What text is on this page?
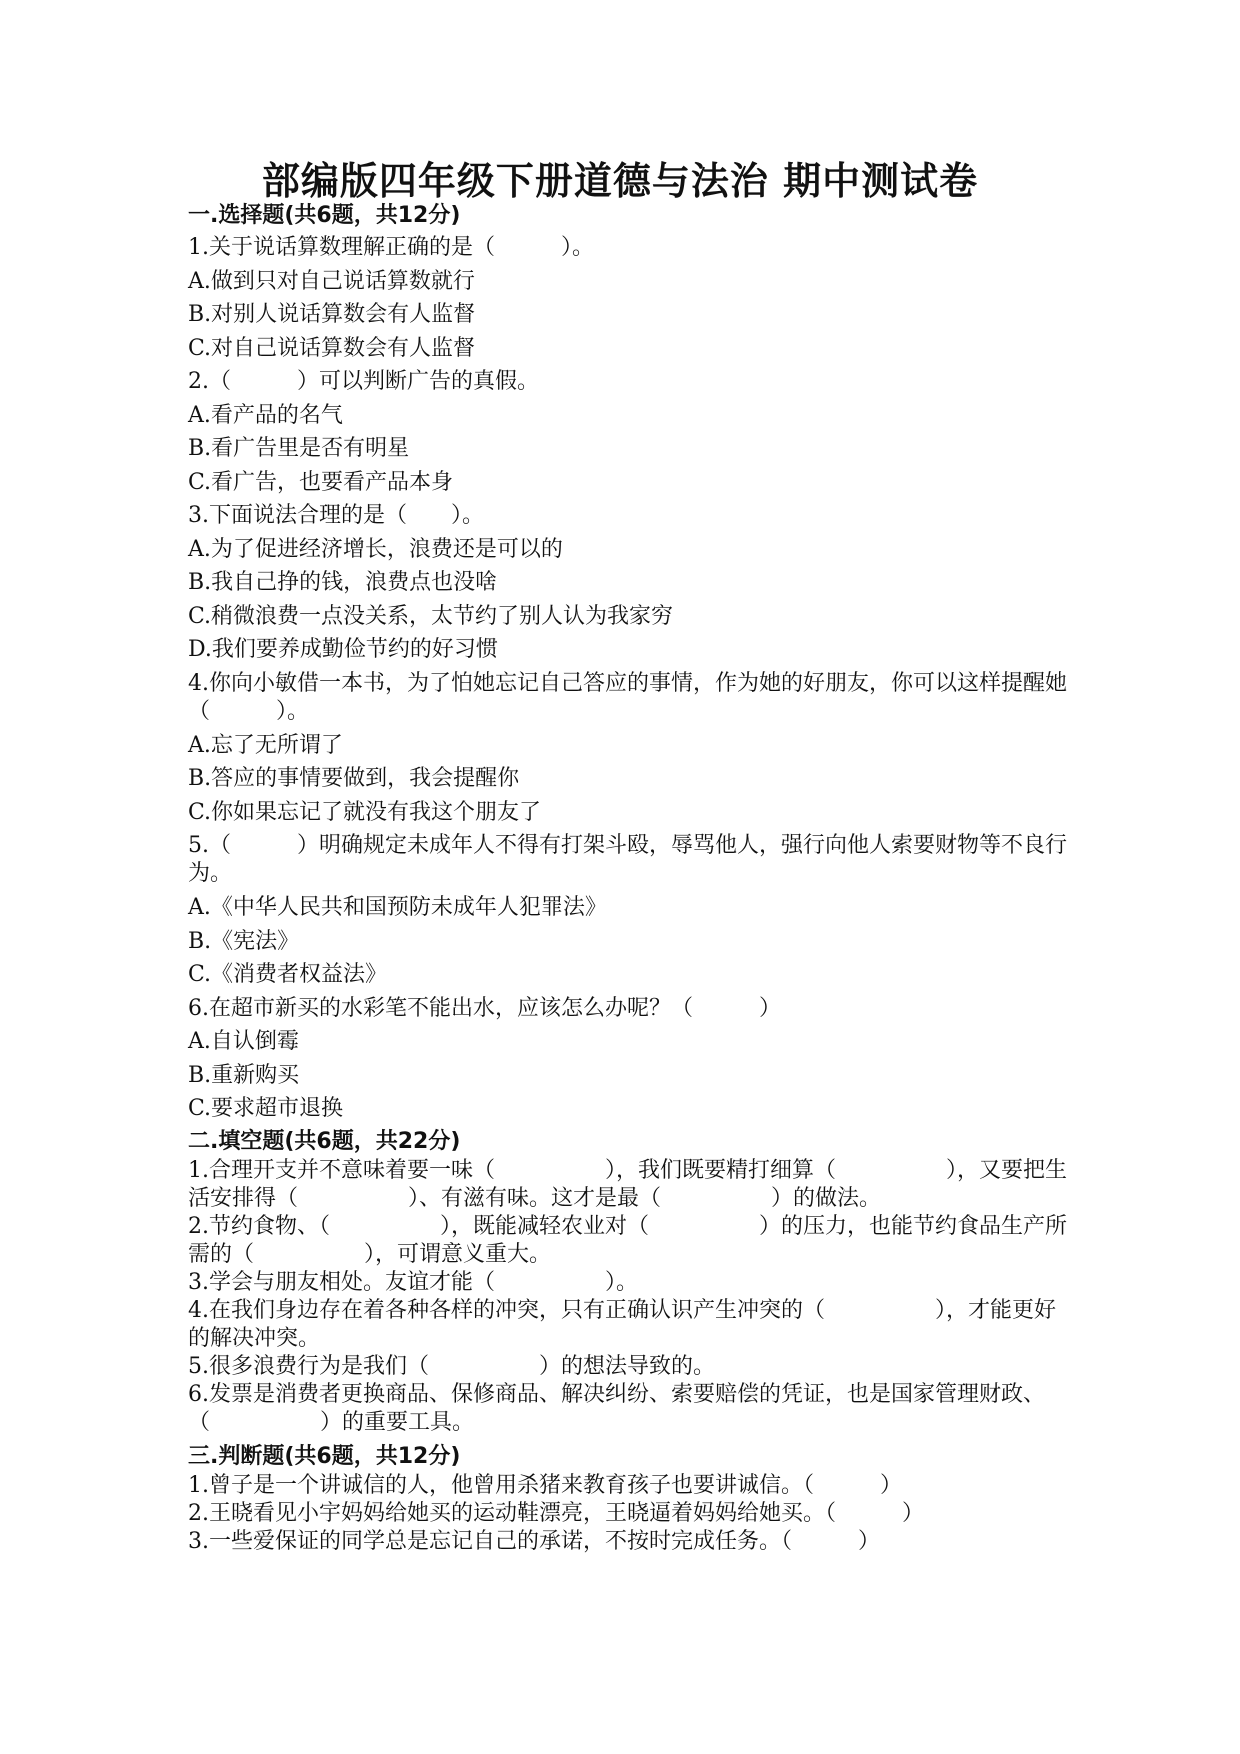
部编版四年级下册道德与法治 期中测试卷
一.选择题(共6题，共12分)
1.关于说话算数理解正确的是（　　　）。
A.做到只对自己说话算数就行
B.对别人说话算数会有人监督
C.对自己说话算数会有人监督
2.（　　　）可以判断广告的真假。
A.看产品的名气
B.看广告里是否有明星
C.看广告，也要看产品本身
3.下面说法合理的是（　　）。
A.为了促进经济增长，浪费还是可以的
B.我自己挣的钱，浪费点也没啥
C.稍微浪费一点没关系，太节约了别人认为我家穷
D.我们要养成勤俭节约的好习惯
4.你向小敏借一本书，为了怕她忘记自己答应的事情，作为她的好朋友，你可以这样提醒她（　　　）。
A.忘了无所谓了
B.答应的事情要做到，我会提醒你
C.你如果忘记了就没有我这个朋友了
5.（　　　）明确规定未成年人不得有打架斗殴，辱骂他人，强行向他人索要财物等不良行为。
A.《中华人民共和国预防未成年人犯罪法》
B.《宪法》
C.《消费者权益法》
6.在超市新买的水彩笔不能出水，应该怎么办呢？（　　　）
A.自认倒霉
B.重新购买
C.要求超市退换
二.填空题(共6题，共22分)
1.合理开支并不意味着要一味（　　　　　），我们既要精打细算（　　　　　），又要把生活安排得（　　　　　）、有滋有味。这才是最（　　　　　）的做法。
2.节约食物、（　　　　　），既能减轻农业对（　　　　　）的压力，也能节约食品生产所需的（　　　　　），可谓意义重大。
3.学会与朋友相处。友谊才能（　　　　　）。
4.在我们身边存在着各种各样的冲突，只有正确认识产生冲突的（　　　　　），才能更好的解决冲突。
5.很多浪费行为是我们（　　　　　）的想法导致的。
6.发票是消费者更换商品、保修商品、解决纠纷、索要赔偿的凭证，也是国家管理财政、（　　　　　）的重要工具。
三.判断题(共6题，共12分)
1.曾子是一个讲诚信的人，他曾用杀猪来教育孩子也要讲诚信。（　　　）
2.王晓看见小宇妈妈给她买的运动鞋漂亮，王晓逼着妈妈给她买。（　　　）
3.一些爱保证的同学总是忘记自己的承诺，不按时完成任务。（　　　）
